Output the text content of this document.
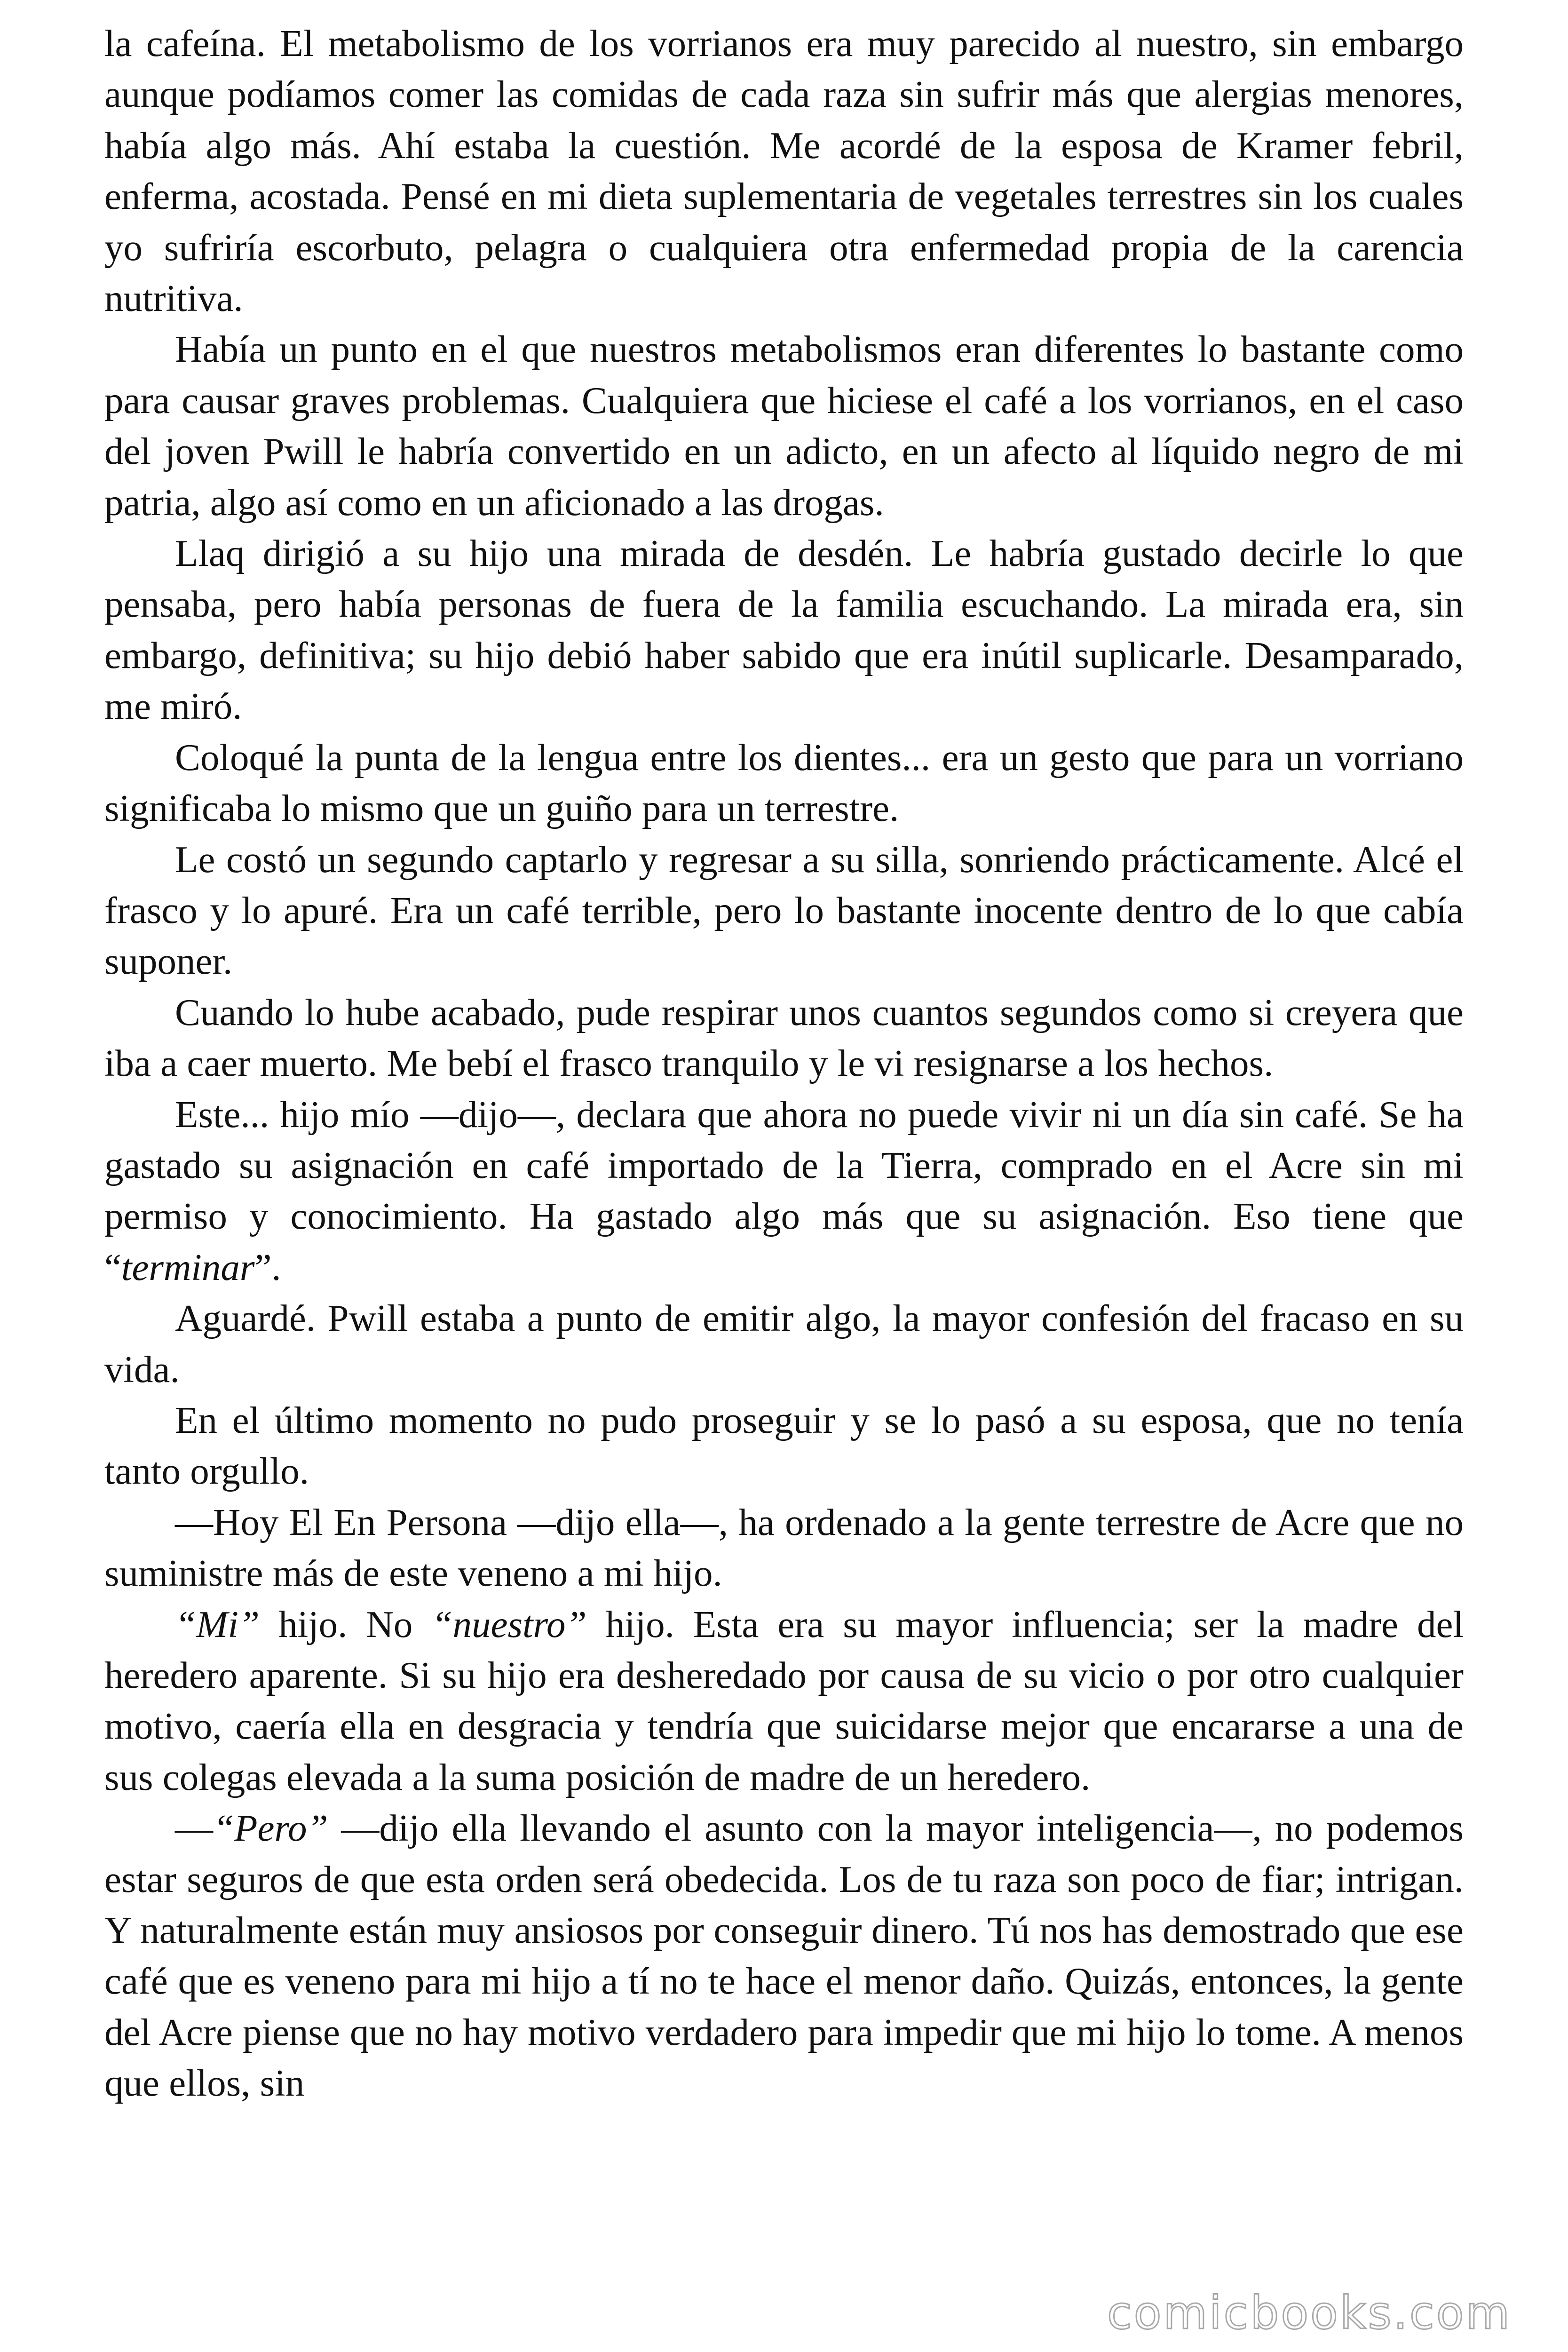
la cafeína. El metabolismo de los vorrianos era muy parecido al nuestro, sin embargo aunque podíamos comer las comidas de cada raza sin sufrir más que alergias menores, había algo más. Ahí estaba la cuestión. Me acordé de la esposa de Kramer febril, enferma, acostada. Pensé en mi dieta suplementaria de vegetales terrestres sin los cuales yo sufriría escorbuto, pelagra o cualquiera otra enfermedad propia de la carencia nutritiva.

Había un punto en el que nuestros metabolismos eran diferentes lo bastante como para causar graves problemas. Cualquiera que hiciese el café a los vorrianos, en el caso del joven Pwill le habría convertido en un adicto, en un afecto al líquido negro de mi patria, algo así como en un aficionado a las drogas.

Llaq dirigió a su hijo una mirada de desdén. Le habría gustado decirle lo que pensaba, pero había personas de fuera de la familia escuchando. La mirada era, sin embargo, definitiva; su hijo debió haber sabido que era inútil suplicarle. Desamparado, me miró.

Coloqué la punta de la lengua entre los dientes... era un gesto que para un vorriano significaba lo mismo que un guiño para un terrestre.

Le costó un segundo captarlo y regresar a su silla, sonriendo prácticamente. Alcé el frasco y lo apuré. Era un café terrible, pero lo bastante inocente dentro de lo que cabía suponer.

Cuando lo hube acabado, pude respirar unos cuantos segundos como si creyera que iba a caer muerto. Me bebí el frasco tranquilo y le vi resignarse a los hechos.

Este... hijo mío —dijo—, declara que ahora no puede vivir ni un día sin café. Se ha gastado su asignación en café importado de la Tierra, comprado en el Acre sin mi permiso y conocimiento. Ha gastado algo más que su asignación. Eso tiene que “terminar”.

Aguardé. Pwill estaba a punto de emitir algo, la mayor confesión del fracaso en su vida.

En el último momento no pudo proseguir y se lo pasó a su esposa, que no tenía tanto orgullo.

—Hoy El En Persona —dijo ella—, ha ordenado a la gente terrestre de Acre que no suministre más de este veneno a mi hijo.

“Mi” hijo. No “nuestro” hijo. Esta era su mayor influencia; ser la madre del heredero aparente. Si su hijo era desheredado por causa de su vicio o por otro cualquier motivo, caería ella en desgracia y tendría que suicidarse mejor que encararse a una de sus colegas elevada a la suma posición de madre de un heredero.

—“Pero” —dijo ella llevando el asunto con la mayor inteligencia—, no podemos estar seguros de que esta orden será obedecida. Los de tu raza son poco de fiar; intrigan. Y naturalmente están muy ansiosos por conseguir dinero. Tú nos has demostrado que ese café que es veneno para mi hijo a tí no te hace el menor daño. Quizás, entonces, la gente del Acre piense que no hay motivo verdadero para impedir que mi hijo lo tome. A menos que ellos, sin

comicbooks.com
